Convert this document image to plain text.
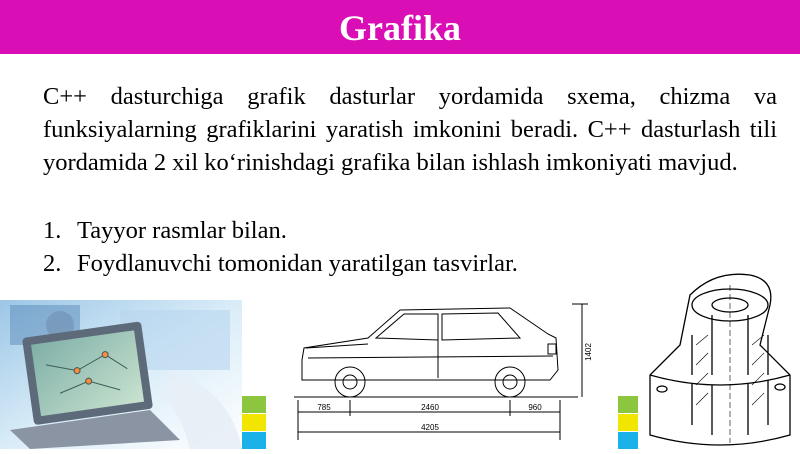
Grafika

C++ dasturchiga grafik dasturlar yordamida sxema, chizma va funksiyalarning grafiklarini yaratish imkonini beradi. C++ dasturlash tili yordamida 2 xil ko‘rinishdagi grafika bilan ishlash imkoniyati mavjud.

1. Tayyor rasmlar bilan.
2. Foydlanuvchi tomonidan yaratilgan tasvirlar.
785	2460	960
4205
1402
